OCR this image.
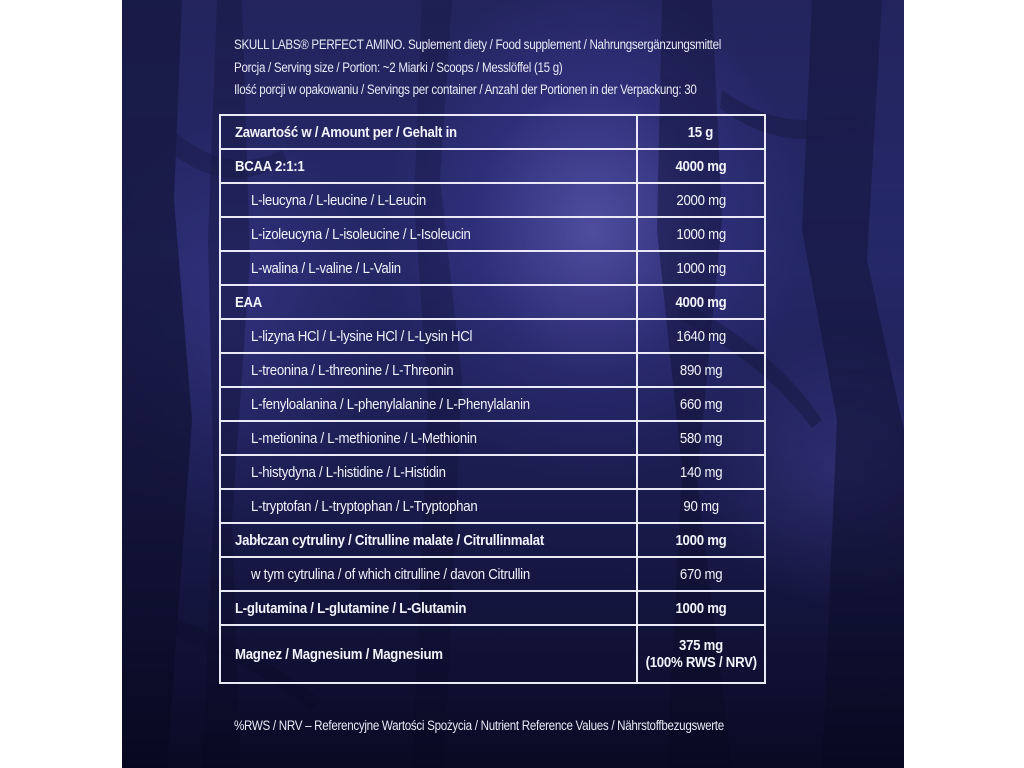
SKULL LABS® PERFECT AMINO. Suplement diety / Food supplement / Nahrungsergänzungsmittel
Porcja / Serving size / Portion: ~2 Miarki / Scoops / Messlöffel (15 g)
Ilość porcji w opakowaniu / Servings per container / Anzahl der Portionen in der Verpackung: 30
Zawartość w / Amount per / Gehalt in	15 g
BCAA 2:1:1	4000 mg
L-leucyna / L-leucine / L-Leucin	2000 mg
L-izoleucyna / L-isoleucine / L-Isoleucin	1000 mg
L-walina / L-valine / L-Valin	1000 mg
EAA	4000 mg
L-lizyna HCl / L-lysine HCl / L-Lysin HCl	1640 mg
L-treonina / L-threonine / L-Threonin	890 mg
L-fenyloalanina / L-phenylalanine / L-Phenylalanin	660 mg
L-metionina / L-methionine / L-Methionin	580 mg
L-histydyna / L-histidine / L-Histidin	140 mg
L-tryptofan / L-tryptophan / L-Tryptophan	90 mg
Jabłczan cytruliny / Citrulline malate / Citrullinmalat	1000 mg
w tym cytrulina / of which citrulline / davon Citrullin	670 mg
L-glutamina / L-glutamine / L-Glutamin	1000 mg
Magnez / Magnesium / Magnesium	375 mg
(100% RWS / NRV)
%RWS / NRV – Referencyjne Wartości Spożycia / Nutrient Reference Values / Nährstoffbezugswerte
